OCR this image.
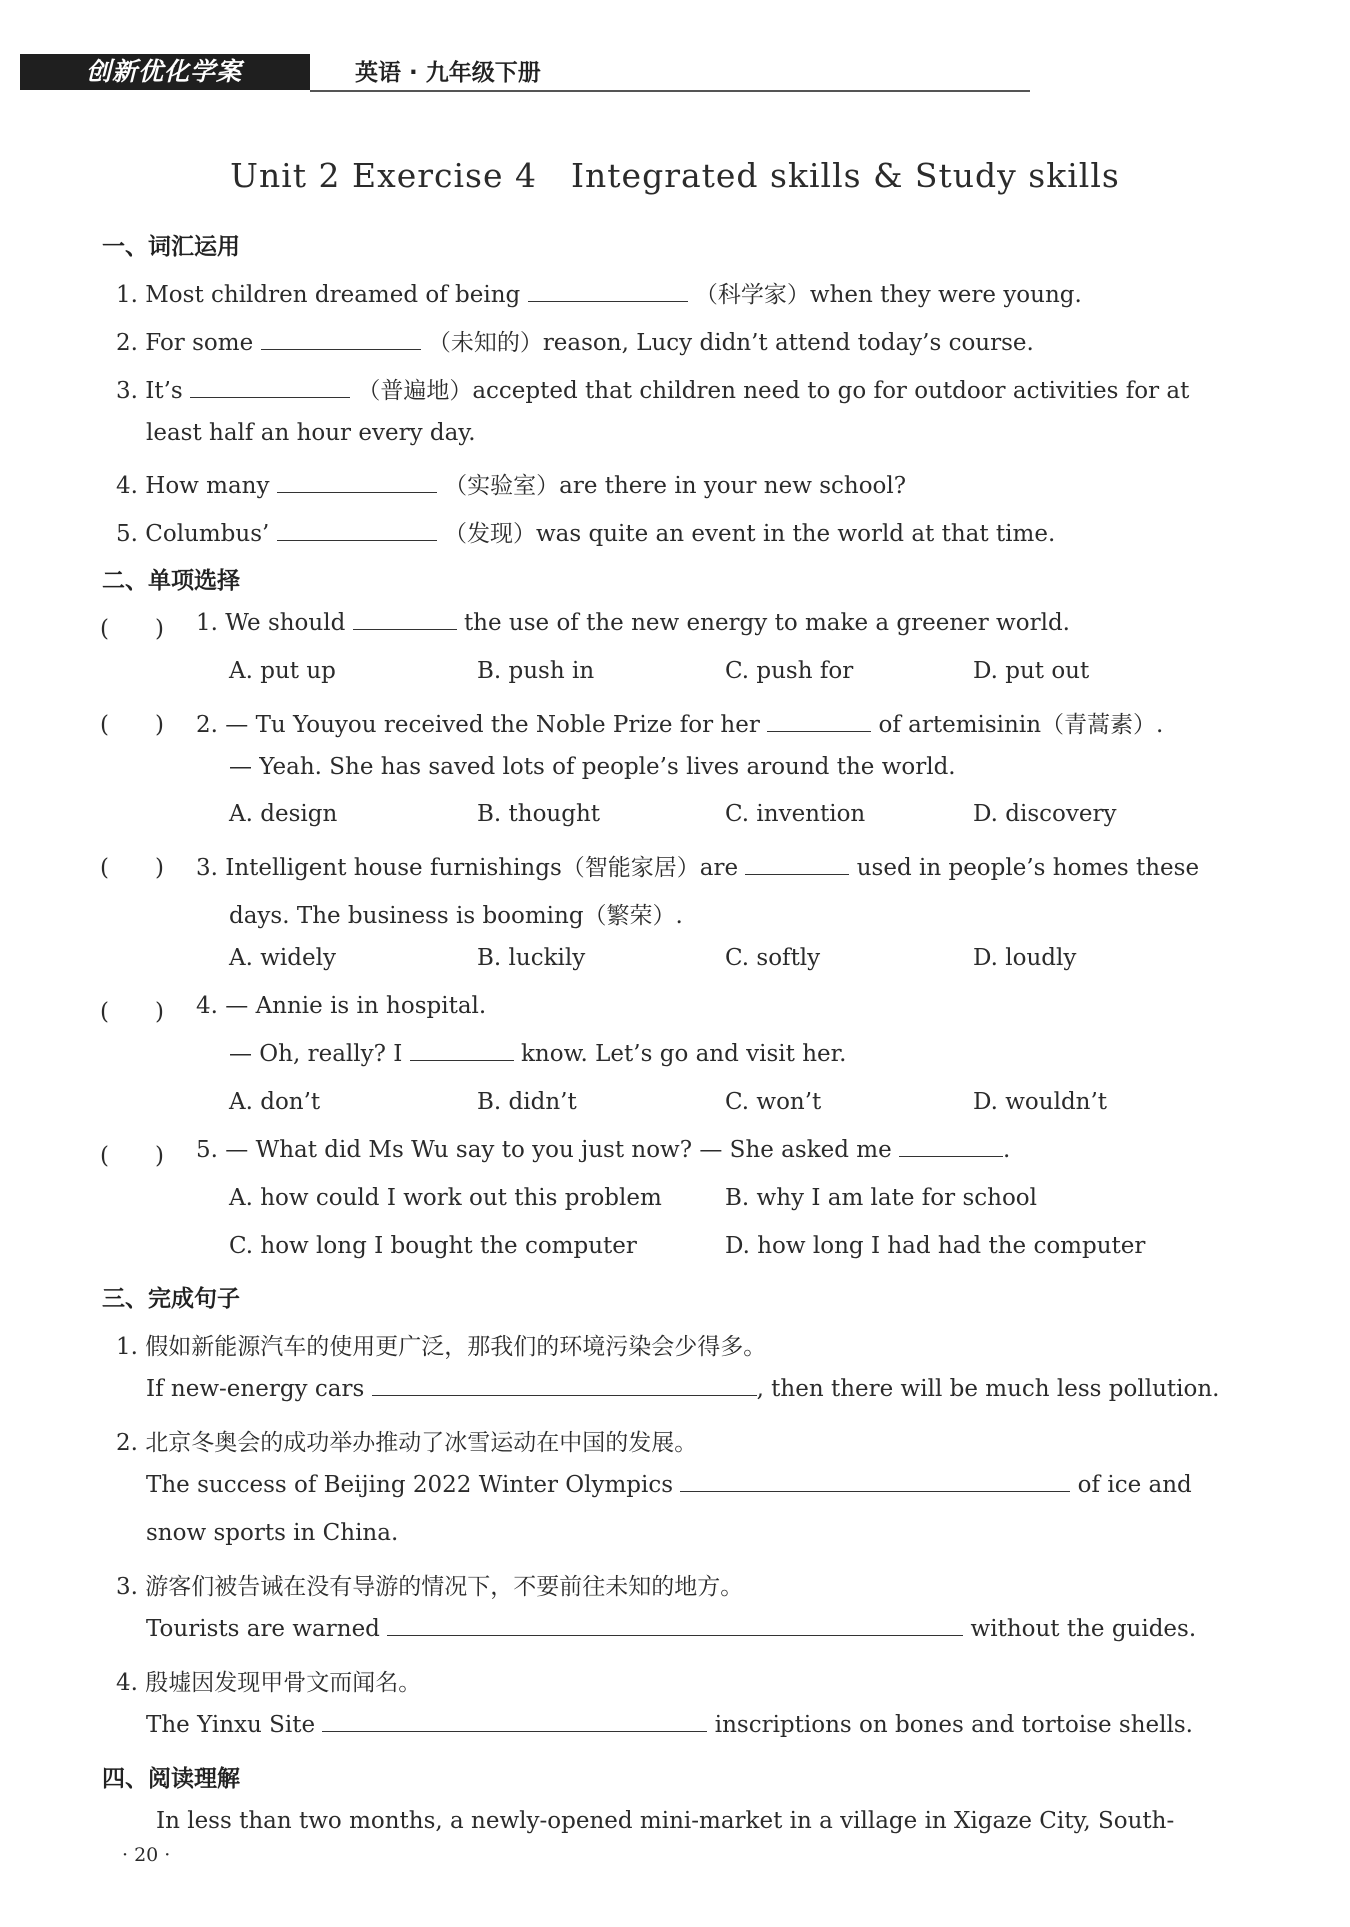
创新优化学案	英语 · 九年级下册
Unit 2 Exercise 4　Integrated skills & Study skills
一、词汇运用
1. Most children dreamed of being	（科学家）when they were young.
2. For some	（未知的）reason, Lucy didn’t attend today’s course.
3. It’s	（普遍地）accepted that children need to go for outdoor activities for at
least half an hour every day.
4. How many	（实验室）are there in your new school?
5. Columbus’	（发现）was quite an event in the world at that time.
二、单项选择
(　　) 1. We should	the use of the new energy to make a greener world.
A. put up	B. push in	C. push for	D. put out
(　　) 2. — Tu Youyou received the Noble Prize for her	of artemisinin（青蒿素）.
— Yeah. She has saved lots of people’s lives around the world.
A. design	B. thought	C. invention	D. discovery
(　　) 3. Intelligent house furnishings（智能家居）are	used in people’s homes these
days. The business is booming（繁荣）.
A. widely	B. luckily	C. softly	D. loudly
(　　) 4. — Annie is in hospital.
— Oh, really? I	know. Let’s go and visit her.
A. don’t	B. didn’t	C. won’t	D. wouldn’t
(　　) 5. — What did Ms Wu say to you just now? — She asked me	.
A. how could I work out this problem	B. why I am late for school
C. how long I bought the computer	D. how long I had had the computer
三、完成句子
1. 假如新能源汽车的使用更广泛，那我们的环境污染会少得多。
If new-energy cars	, then there will be much less pollution.
2. 北京冬奥会的成功举办推动了冰雪运动在中国的发展。
The success of Beijing 2022 Winter Olympics	of ice and
snow sports in China.
3. 游客们被告诫在没有导游的情况下，不要前往未知的地方。
Tourists are warned	without the guides.
4. 殷墟因发现甲骨文而闻名。
The Yinxu Site	inscriptions on bones and tortoise shells.
四、阅读理解
In less than two months, a newly-opened mini-market in a village in Xigaze City, South-
· 20 ·
